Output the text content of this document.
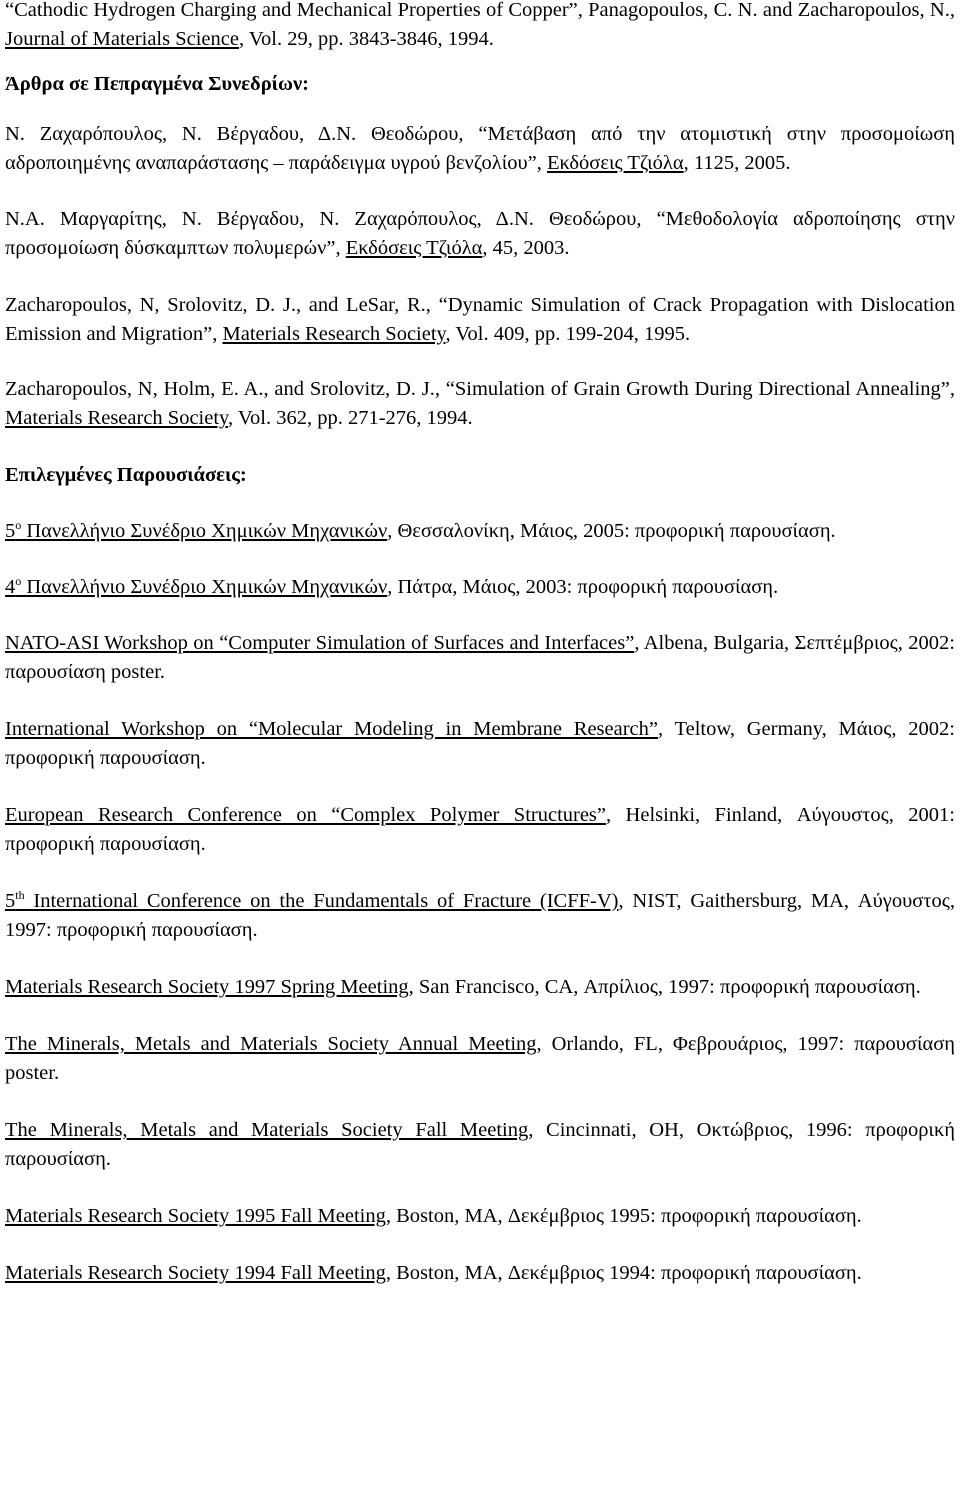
“Cathodic Hydrogen Charging and Mechanical Properties of Copper”, Panagopoulos, C. N. and Zacharopoulos, N., Journal of Materials Science, Vol. 29, pp. 3843-3846, 1994.

Άρθρα σε Πεπραγμένα Συνεδρίων:

Ν. Ζαχαρόπουλος, Ν. Βέργαδου, Δ.Ν. Θεοδώρου, “Μετάβαση από την ατομιστική στην προσομοίωση αδροποιημένης αναπαράστασης – παράδειγμα υγρού βενζολίου”, Εκδόσεις Τζιόλα, 1125, 2005.

Ν.Α. Μαργαρίτης, Ν. Βέργαδου, Ν. Ζαχαρόπουλος, Δ.Ν. Θεοδώρου, “Μεθοδολογία αδροποίησης στην προσομοίωση δύσκαμπτων πολυμερών”, Εκδόσεις Τζιόλα, 45, 2003.

Zacharopoulos, N, Srolovitz, D. J., and LeSar, R., “Dynamic Simulation of Crack Propagation with Dislocation Emission and Migration”, Materials Research Society, Vol. 409, pp. 199-204, 1995.

Zacharopoulos, N, Holm, E. A., and Srolovitz, D. J., “Simulation of Grain Growth During Directional Annealing”, Materials Research Society, Vol. 362, pp. 271-276, 1994.

Επιλεγμένες Παρουσιάσεις:

5$^o$ Πανελλήνιο Συνέδριο Χημικών Μηχανικών, Θεσσαλονίκη, Μάιος, 2005: προφορική παρουσίαση.

4$^o$ Πανελλήνιο Συνέδριο Χημικών Μηχανικών, Πάτρα, Μάιος, 2003: προφορική παρουσίαση.

NATO-ASI Workshop on “Computer Simulation of Surfaces and Interfaces”, Albena, Bulgaria, Σεπτέμβριος, 2002: παρουσίαση poster.

International Workshop on “Molecular Modeling in Membrane Research”, Teltow, Germany, Μάιος, 2002: προφορική παρουσίαση.

European Research Conference on “Complex Polymer Structures”, Helsinki, Finland, Αύγουστος, 2001: προφορική παρουσίαση.

5th International Conference on the Fundamentals of Fracture (ICFF-V), NIST, Gaithersburg, MA, Αύγουστος, 1997: προφορική παρουσίαση.

Materials Research Society 1997 Spring Meeting, San Francisco, CA, Απρίλιος, 1997: προφορική παρουσίαση.

The Minerals, Metals and Materials Society Annual Meeting, Orlando, FL, Φεβρουάριος, 1997: παρουσίαση poster.

The Minerals, Metals and Materials Society Fall Meeting, Cincinnati, OH, Οκτώβριος, 1996: προφορική παρουσίαση.

Materials Research Society 1995 Fall Meeting, Boston, MA, Δεκέμβριος 1995: προφορική παρουσίαση.

Materials Research Society 1994 Fall Meeting, Boston, MA, Δεκέμβριος 1994: προφορική παρουσίαση.
